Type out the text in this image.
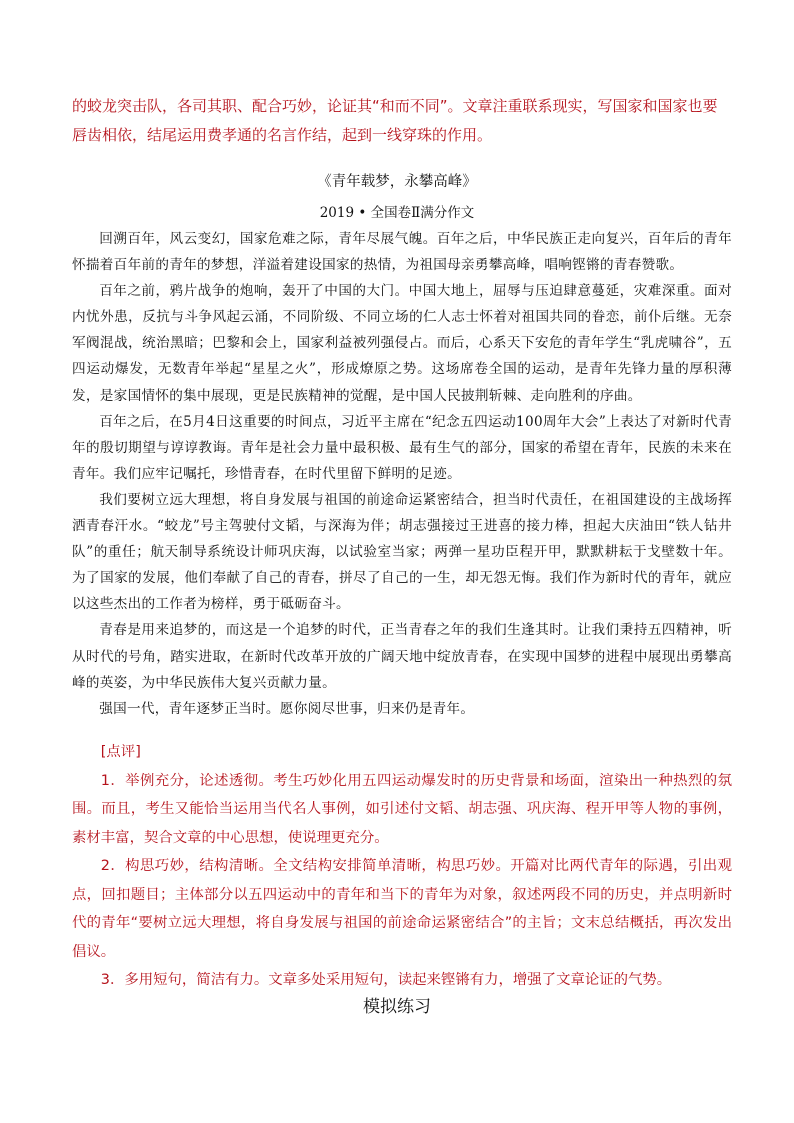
的蛟龙突击队，各司其职、配合巧妙，论证其“和而不同”。文章注重联系现实，写国家和国家也要唇齿相依，结尾运用费孝通的名言作结，起到一线穿珠的作用。
《青年载梦，永攀高峰》
2019 • 全国卷Ⅱ满分作文

回溯百年，风云变幻，国家危难之际，青年尽展气魄。百年之后，中华民族正走向复兴，百年后的青年怀揣着百年前的青年的梦想，洋溢着建设国家的热情，为祖国母亲勇攀高峰，唱响铿锵的青春赞歌。

百年之前，鸦片战争的炮响，轰开了中国的大门。中国大地上，屈辱与压迫肆意蔓延，灾难深重。面对内忧外患，反抗与斗争风起云涌，不同阶级、不同立场的仁人志士怀着对祖国共同的眷恋，前仆后继。无奈军阀混战，统治黑暗；巴黎和会上，国家利益被列强侵占。而后，心系天下安危的青年学生“乳虎啸谷”，五四运动爆发，无数青年举起“星星之火”，形成燎原之势。这场席卷全国的运动，是青年先锋力量的厚积薄发，是家国情怀的集中展现，更是民族精神的觉醒，是中国人民披荆斩棘、走向胜利的序曲。

百年之后，在5月4日这重要的时间点，习近平主席在“纪念五四运动100周年大会”上表达了对新时代青年的殷切期望与谆谆教诲。青年是社会力量中最积极、最有生气的部分，国家的希望在青年，民族的未来在青年。我们应牢记嘱托，珍惜青春，在时代里留下鲜明的足迹。

我们要树立远大理想，将自身发展与祖国的前途命运紧密结合，担当时代责任，在祖国建设的主战场挥洒青春汗水。“蛟龙”号主驾驶付文韬，与深海为伴；胡志强接过王进喜的接力棒，担起大庆油田“铁人钻井队”的重任；航天制导系统设计师巩庆海，以试验室当家；两弹一星功臣程开甲，默默耕耘于戈壁数十年。为了国家的发展，他们奉献了自己的青春，拼尽了自己的一生，却无怨无悔。我们作为新时代的青年，就应以这些杰出的工作者为榜样，勇于砥砺奋斗。

青春是用来追梦的，而这是一个追梦的时代，正当青春之年的我们生逢其时。让我们秉持五四精神，听从时代的号角，踏实进取，在新时代改革开放的广阔天地中绽放青春，在实现中国梦的进程中展现出勇攀高峰的英姿，为中华民族伟大复兴贡献力量。

强国一代，青年逐梦正当时。愿你阅尽世事，归来仍是青年。

[点评]

1．举例充分，论述透彻。考生巧妙化用五四运动爆发时的历史背景和场面，渲染出一种热烈的氛围。而且，考生又能恰当运用当代名人事例，如引述付文韬、胡志强、巩庆海、程开甲等人物的事例，素材丰富，契合文章的中心思想，使说理更充分。

2．构思巧妙，结构清晰。全文结构安排简单清晰，构思巧妙。开篇对比两代青年的际遇，引出观点，回扣题目；主体部分以五四运动中的青年和当下的青年为对象，叙述两段不同的历史，并点明新时代的青年“要树立远大理想，将自身发展与祖国的前途命运紧密结合”的主旨；文末总结概括，再次发出倡议。

3．多用短句，简洁有力。文章多处采用短句，读起来铿锵有力，增强了文章论证的气势。

模拟练习
